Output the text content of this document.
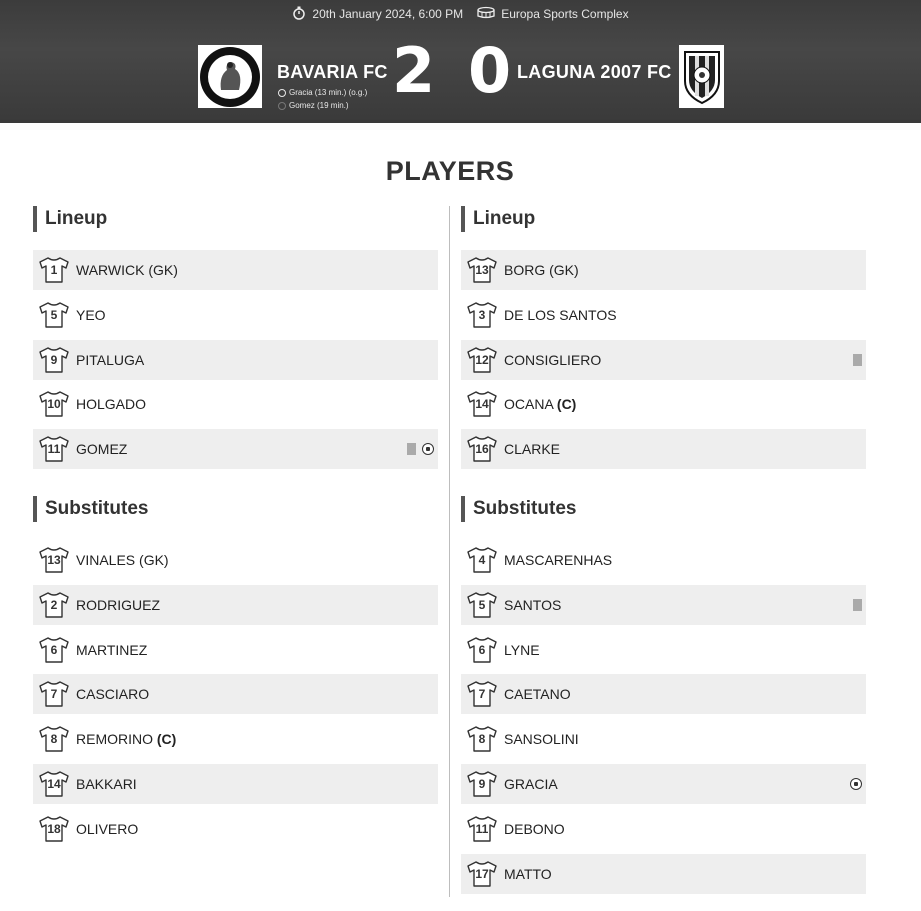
20th January 2024, 6:00 PM	Europa Sports Complex
BAVARIA FC
Gracia (13 min.) (o.g.)
Gomez (19 min.) 2 0 LAGUNA 2007 FC
PLAYERS
Lineup
1	WARWICK (GK)
5	YEO
9	PITALUGA
10	HOLGADO
11	GOMEZ
Substitutes
13	VINALES (GK)
2	RODRIGUEZ
6	MARTINEZ
7	CASCIARO
8	REMORINO (C)
14	BAKKARI
18	OLIVERO
Lineup
13	BORG (GK)
3	DE LOS SANTOS
12	CONSIGLIERO
14	OCANA (C)
16	CLARKE
Substitutes
4	MASCARENHAS
5	SANTOS
6	LYNE
7	CAETANO
8	SANSOLINI
9	GRACIA
11	DEBONO
17	MATTO
